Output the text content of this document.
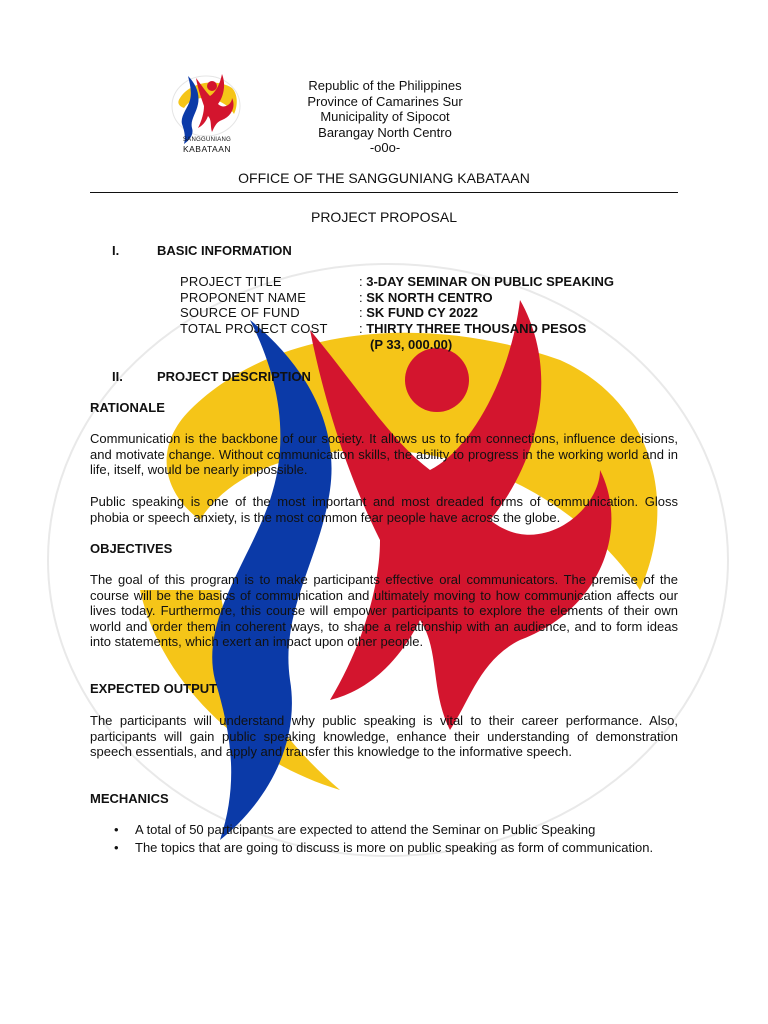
SANGGUNIANG
KABATAAN
Republic of the Philippines
Province of Camarines Sur
Municipality of Sipocot
Barangay North Centro
-o0o-
OFFICE OF THE SANGGUNIANG KABATAAN
PROJECT PROPOSAL
I.	BASIC INFORMATION
PROJECT TITLE	: 3-DAY SEMINAR ON PUBLIC SPEAKING
PROPONENT NAME	: SK NORTH CENTRO
SOURCE OF FUND	: SK FUND CY 2022
TOTAL PROJECT COST : THIRTY THREE THOUSAND PESOS
(P 33, 000.00)
II.	PROJECT DESCRIPTION
RATIONALE
Communication is the backbone of our society. It allows us to form connections, influence decisions, and motivate change. Without communication skills, the ability to progress in the working world and in life, itself, would be nearly impossible.
Public speaking is one of the most important and most dreaded forms of communication. Gloss phobia or speech anxiety, is the most common fear people have across the globe.
OBJECTIVES
The goal of this program is to make participants effective oral communicators. The premise of the course will be the basics of communication and ultimately moving to how communication affects our lives today. Furthermore, this course will empower participants to explore the elements of their own world and order them in coherent ways, to shape a relationship with an audience, and to form ideas into statements, which exert an impact upon other people.
EXPECTED OUTPUT
The participants will understand why public speaking is vital to their career performance. Also, participants will gain public speaking knowledge, enhance their understanding of demonstration speech essentials, and apply and transfer this knowledge to the informative speech.
MECHANICS
• A total of 50 participants are expected to attend the Seminar on Public Speaking
• The topics that are going to discuss is more on public speaking as form of communication.
